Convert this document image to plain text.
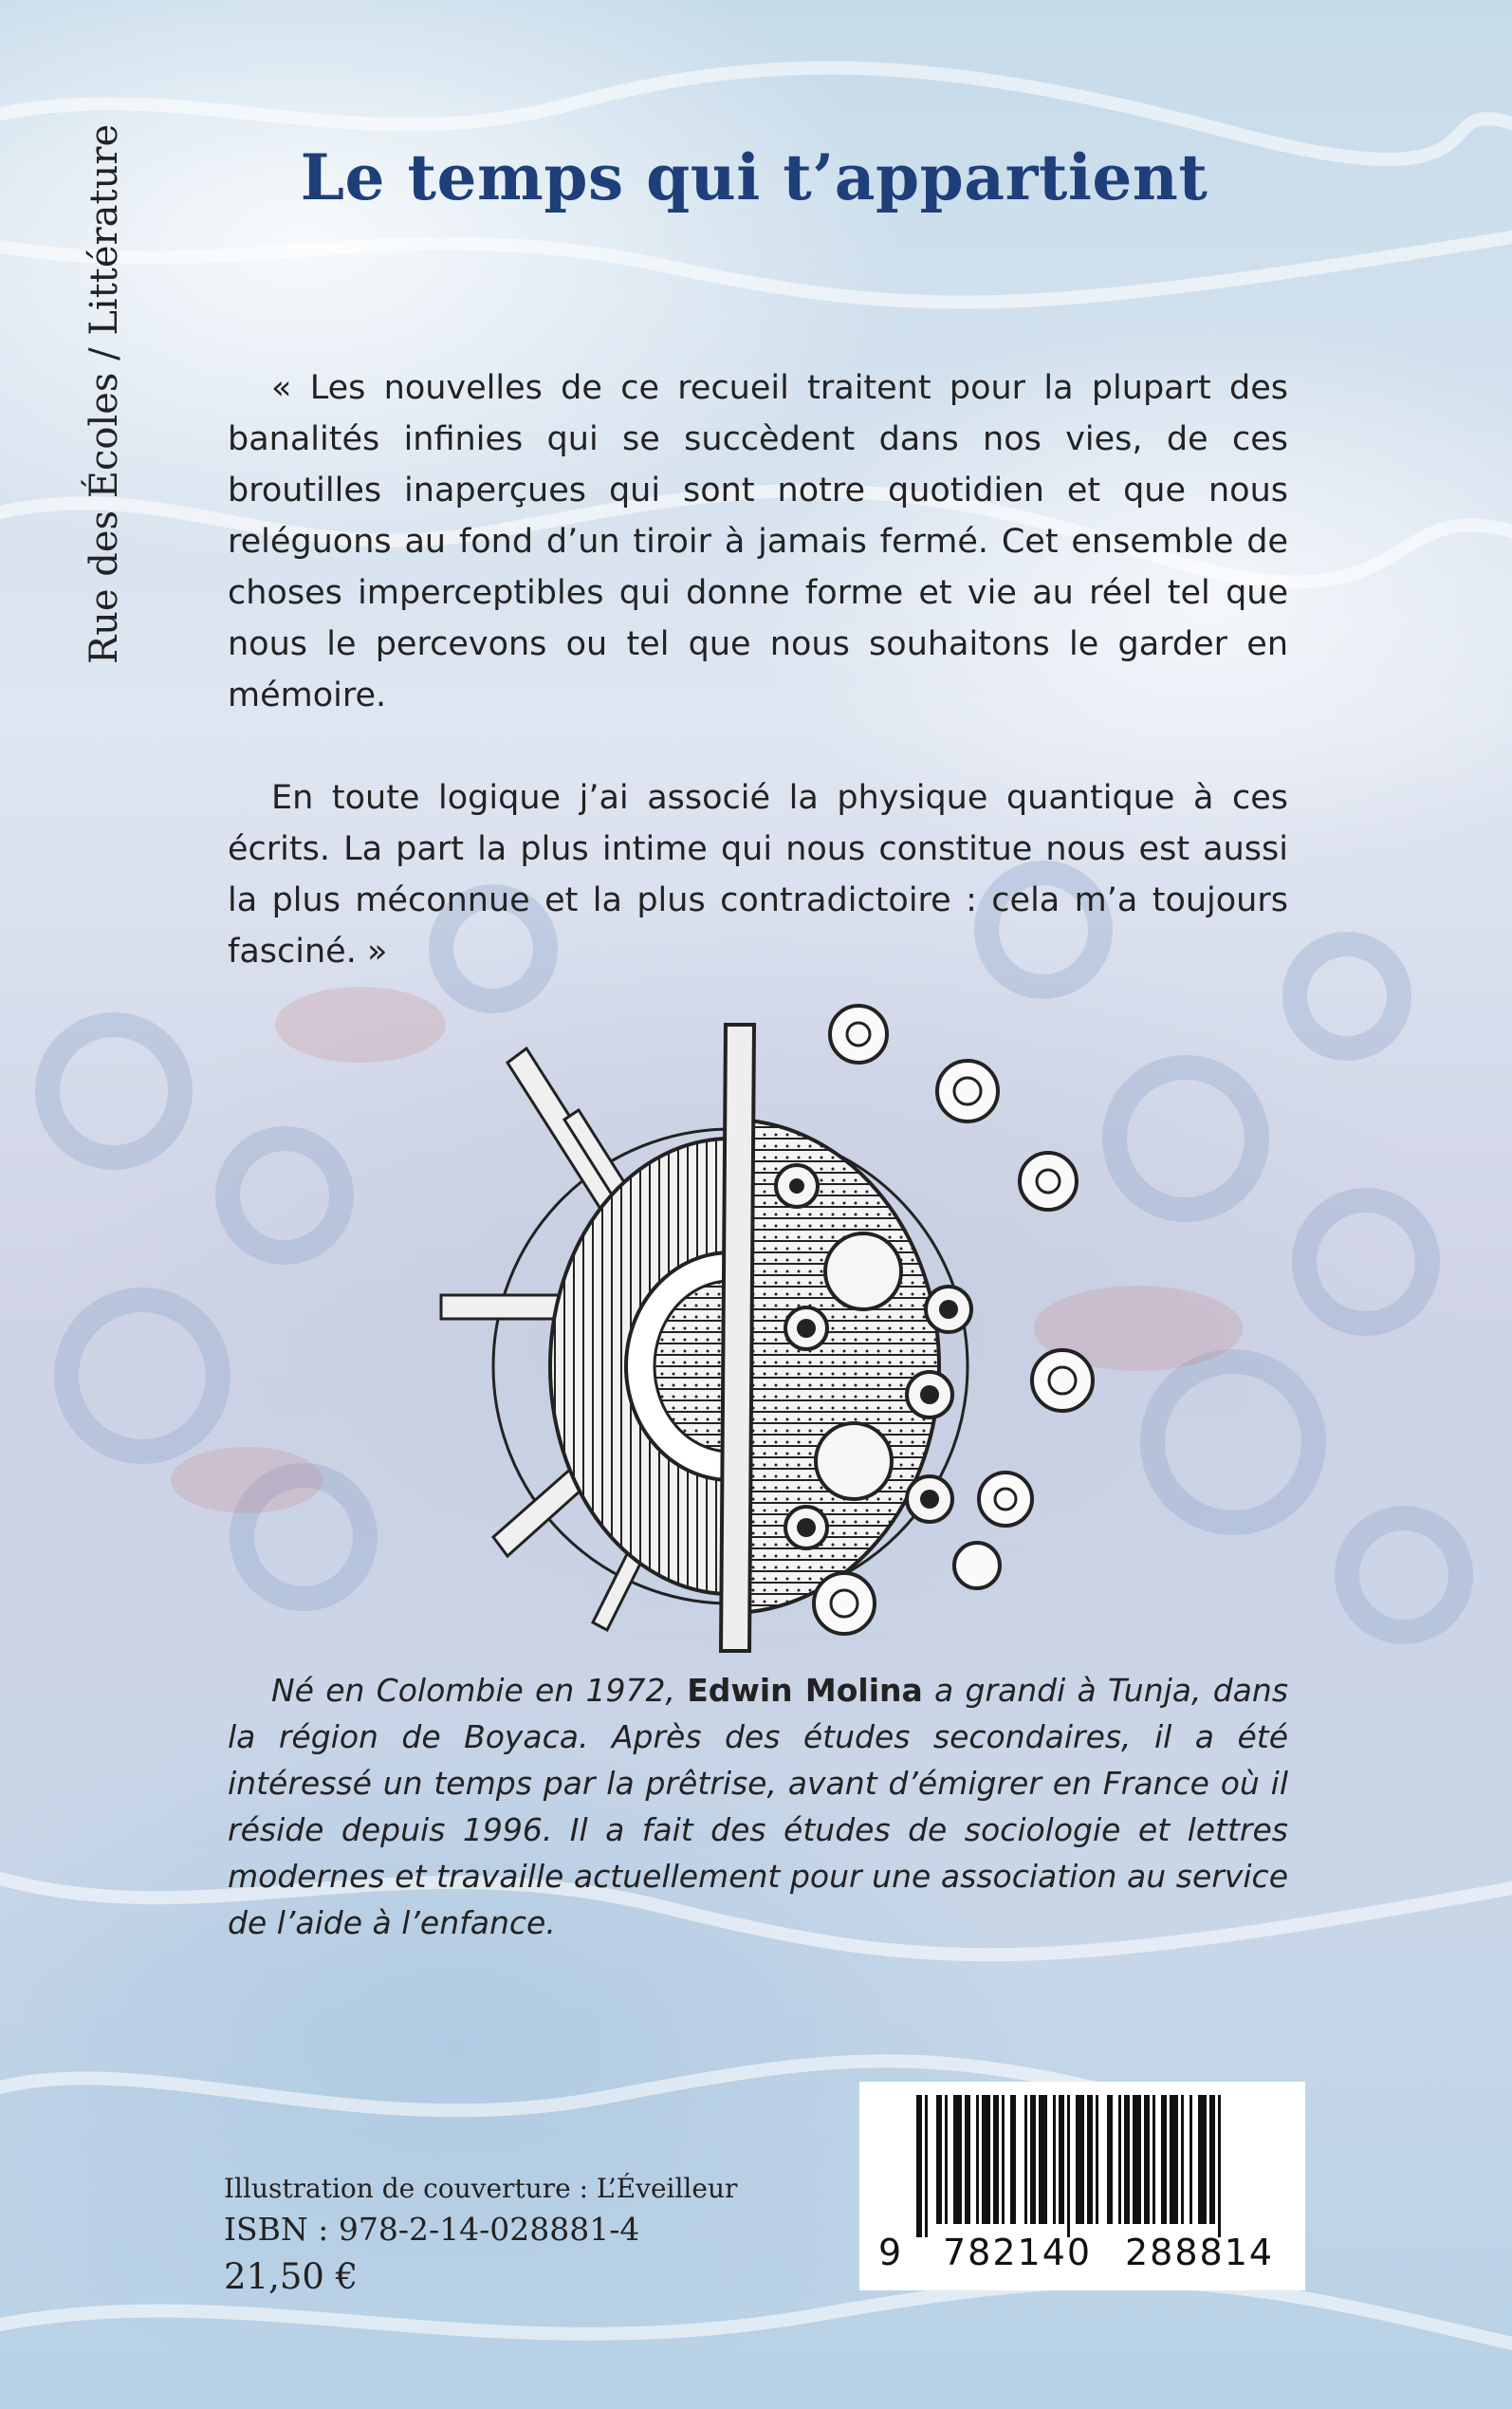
Rue des Écoles / Littérature	Le temps qui t’appartient
« Les nouvelles de ce recueil traitent pour la plupart des banalités infinies qui se succèdent dans nos vies, de ces broutilles inaperçues qui sont notre quotidien et que nous reléguons au fond d’un tiroir à jamais fermé. Cet ensemble de choses imperceptibles qui donne forme et vie au réel tel que nous le percevons ou tel que nous souhaitons le garder en mémoire.
En toute logique j’ai associé la physique quantique à ces écrits. La part la plus intime qui nous constitue nous est aussi la plus méconnue et la plus contradictoire : cela m’a toujours fasciné. »
Né en Colombie en 1972, Edwin Molina a grandi à Tunja, dans la région de Boyaca. Après des études secondaires, il a été intéressé un temps par la prêtrise, avant d’émigrer en France où il réside depuis 1996. Il a fait des études de sociologie et lettres modernes et travaille actuellement pour une association au service de l’aide à l’enfance.
Illustration de couverture : L’Éveilleur
ISBN : 978-2-14-028881-4
21,50 €
9 782140 288814
